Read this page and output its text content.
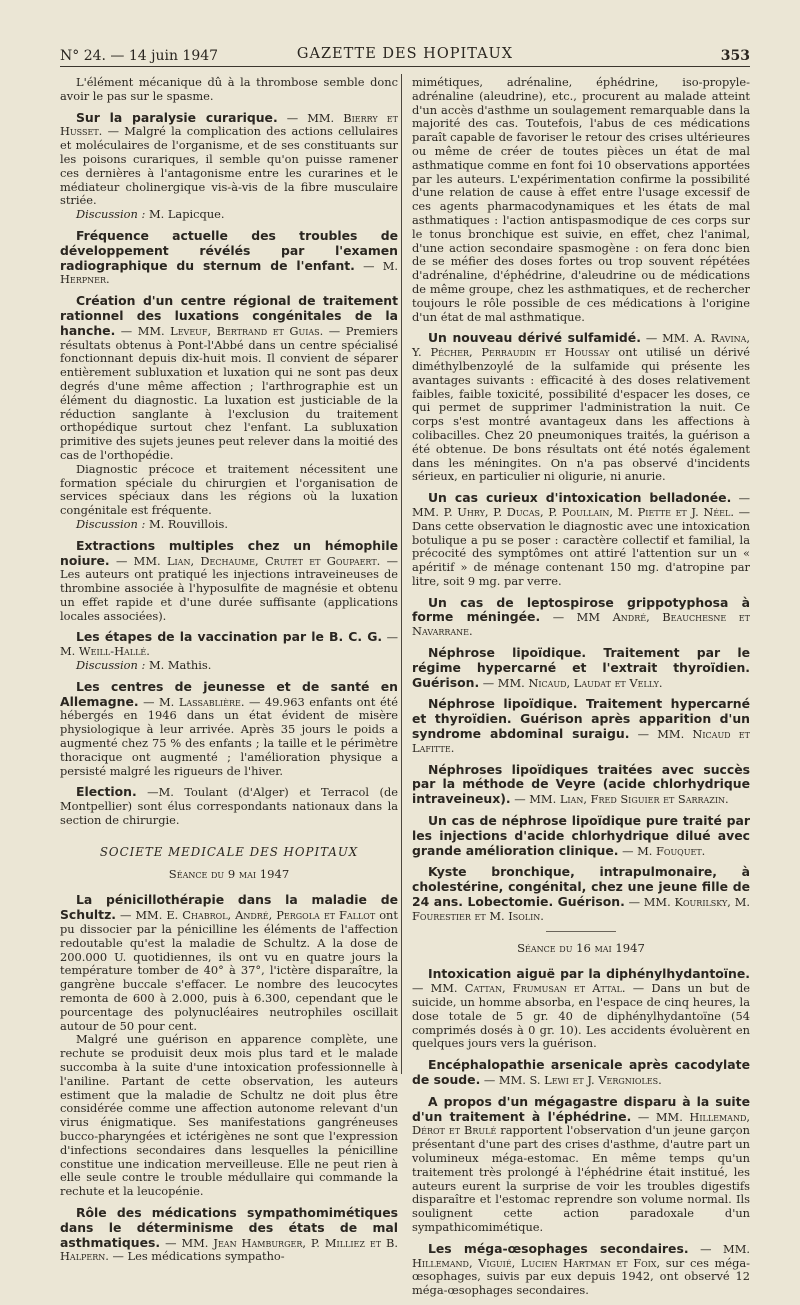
N° 24. — 14 juin 1947	GAZETTE DES HOPITAUX	353

L'élément mécanique dû à la thrombose semble donc avoir le pas sur le spasme.

Sur la paralysie curarique. — MM. Bierry et Husset. — Malgré la complication des actions cellulaires et moléculaires de l'organisme, et de ses constituants sur les poisons curariques, il semble qu'on puisse ramener ces dernières à l'antagonisme entre les curarines et le médiateur cholinergique vis-à-vis de la fibre musculaire striée.
Discussion : M. Lapicque.
Fréquence actuelle des troubles de développement révélés par l'examen radiographique du sternum de l'enfant. — M. Herpner.
Création d'un centre régional de traitement rationnel des luxations congénitales de la hanche. — MM. Leveuf, Bertrand et Guias. — Premiers résultats obtenus à Pont-l'Abbé dans un centre spécialisé fonctionnant depuis dix-huit mois. Il convient de séparer entièrement subluxation et luxation qui ne sont pas deux degrés d'une même affection ; l'arthrographie est un élément du diagnostic. La luxation est justiciable de la réduction sanglante à l'exclusion du traitement orthopédique surtout chez l'enfant. La subluxation primitive des sujets jeunes peut relever dans la moitié des cas de l'orthopédie.
Diagnostic précoce et traitement nécessitent une formation spéciale du chirurgien et l'organisation de services spéciaux dans les régions où la luxation congénitale est fréquente.
Discussion : M. Rouvillois.
Extractions multiples chez un hémophile noiure. — MM. Lian, Dechaume, Crutet et Goupaert. — Les auteurs ont pratiqué les injections intraveineuses de thrombine associée à l'hyposulfite de magnésie et obtenu un effet rapide et d'une durée suffisante (applications locales associées).
Les étapes de la vaccination par le B. C. G. — M. Weill-Hallé.
Discussion : M. Mathis.
Les centres de jeunesse et de santé en Allemagne. — M. Lassablière. — 49.963 enfants ont été hébergés en 1946 dans un état évident de misère physiologique à leur arrivée. Après 35 jours le poids a augmenté chez 75 % des enfants ; la taille et le périmètre thoracique ont augmenté ; l'amélioration physique a persisté malgré les rigueurs de l'hiver.
Election. —M. Toulant (d'Alger) et Terracol (de Montpellier) sont élus correspondants nationaux dans la section de chirurgie.
SOCIETE MEDICALE DES HOPITAUX
Séance du 9 mai 1947
La pénicillothérapie dans la maladie de Schultz. — MM. E. Chabrol, André, Pergola et Fallot ont pu dissocier par la pénicilline les éléments de l'affection redoutable qu'est la maladie de Schultz. A la dose de 200.000 U. quotidiennes, ils ont vu en quatre jours la température tomber de 40° à 37°, l'ictère disparaître, la gangrène buccale s'effacer. Le nombre des leucocytes remonta de 600 à 2.000, puis à 6.300, cependant que le pourcentage des polynucléaires neutrophiles oscillait autour de 50 pour cent.
Malgré une guérison en apparence complète, une rechute se produisit deux mois plus tard et le malade succomba à la suite d'une intoxication professionnelle à l'aniline. Partant de cette observation, les auteurs estiment que la maladie de Schultz ne doit plus être considérée comme une affection autonome relevant d'un virus énigmatique. Ses manifestations gangréneuses bucco-pharyngées et ictérigènes ne sont que l'expression d'infections secondaires dans lesquelles la pénicilline constitue une indication merveilleuse. Elle ne peut rien à elle seule contre le trouble médullaire qui commande la rechute et la leucopénie.
Rôle des médications sympathomimétiques dans le déterminisme des états de mal asthmatiques. — MM. Jean Hamburger, P. Milliez et B. Halpern. — Les médications sympatho-

mimétiques, adrénaline, éphédrine, iso-propyle-adrénaline (aleudrine), etc., procurent au malade atteint d'un accès d'asthme un soulagement remarquable dans la majorité des cas. Toutefois, l'abus de ces médications paraît capable de favoriser le retour des crises ultérieures ou même de créer de toutes pièces un état de mal asthmatique comme en font foi 10 observations apportées par les auteurs. L'expérimentation confirme la possibilité d'une relation de cause à effet entre l'usage excessif de ces agents pharmacodynamiques et les états de mal asthmatiques : l'action antispasmodique de ces corps sur le tonus bronchique est suivie, en effet, chez l'animal, d'une action secondaire spasmogène : on fera donc bien de se méfier des doses fortes ou trop souvent répétées d'adrénaline, d'éphédrine, d'aleudrine ou de médications de même groupe, chez les asthmatiques, et de rechercher toujours le rôle possible de ces médications à l'origine d'un état de mal asthmatique.

Un nouveau dérivé sulfamidé. — MM. A. Ravina, Y. Pécher, Perraudin et Houssay ont utilisé un dérivé diméthylbenzoylé de la sulfamide qui présente les avantages suivants : efficacité à des doses relativement faibles, faible toxicité, possibilité d'espacer les doses, ce qui permet de supprimer l'administration la nuit. Ce corps s'est montré avantageux dans les affections à colibacilles. Chez 20 pneumoniques traités, la guérison a été obtenue. De bons résultats ont été notés également dans les méningites. On n'a pas observé d'incidents sérieux, en particulier ni oligurie, ni anurie.
Un cas curieux d'intoxication belladonée. — MM. P. Uhry, P. Ducas, P. Poullain, M. Piette et J. Néel. — Dans cette observation le diagnostic avec une intoxication botulique a pu se poser : caractère collectif et familial, la précocité des symptômes ont attiré l'attention sur un « apéritif » de ménage contenant 150 mg. d'atropine par litre, soit 9 mg. par verre.
Un cas de leptospirose grippotyphosa à forme méningée. — MM André, Beauchesne et Navarrane.
Néphrose lipoïdique. Traitement par le régime hypercarné et l'extrait thyroïdien. Guérison. — MM. Nicaud, Laudat et Velly.
Néphrose lipoïdique. Traitement hypercarné et thyroïdien. Guérison après apparition d'un syndrome abdominal suraigu. — MM. Nicaud et Lafitte.
Néphroses lipoïdiques traitées avec succès par la méthode de Veyre (acide chlorhydrique intraveineux). — MM. Lian, Fred Siguier et Sarrazin.
Un cas de néphrose lipoïdique pure traité par les injections d'acide chlorhydrique dilué avec grande amélioration clinique. — M. Fouquet.
Kyste bronchique, intrapulmonaire, à cholestérine, congénital, chez une jeune fille de 24 ans. Lobectomie. Guérison. — MM. Kourilsky, M. Fourestier et M. Isolin.
Séance du 16 mai 1947
Intoxication aiguë par la diphénylhydantoïne. — MM. Cattan, Frumusan et Attal. — Dans un but de suicide, un homme absorba, en l'espace de cinq heures, la dose totale de 5 gr. 40 de diphénylhydantoïne (54 comprimés dosés à 0 gr. 10). Les accidents évoluèrent en quelques jours vers la guérison.
Encéphalopathie arsenicale après cacodylate de soude. — MM. S. Lewi et J. Vergnioles.
A propos d'un mégagastre disparu à la suite d'un traitement à l'éphédrine. — MM. Hillemand, Dérot et Brulé rapportent l'observation d'un jeune garçon présentant d'une part des crises d'asthme, d'autre part un volumineux méga-estomac. En même temps qu'un traitement très prolongé à l'éphédrine était institué, les auteurs eurent la surprise de voir les troubles digestifs disparaître et l'estomac reprendre son volume normal. Ils soulignent cette action paradoxale d'un sympathicomimétique.
Les méga-œsophages secondaires. — MM. Hillemand, Viguié, Lucien Hartman et Foix, sur ces méga-œsophages, suivis par eux depuis 1942, ont observé 12 méga-œsophages secondaires.
